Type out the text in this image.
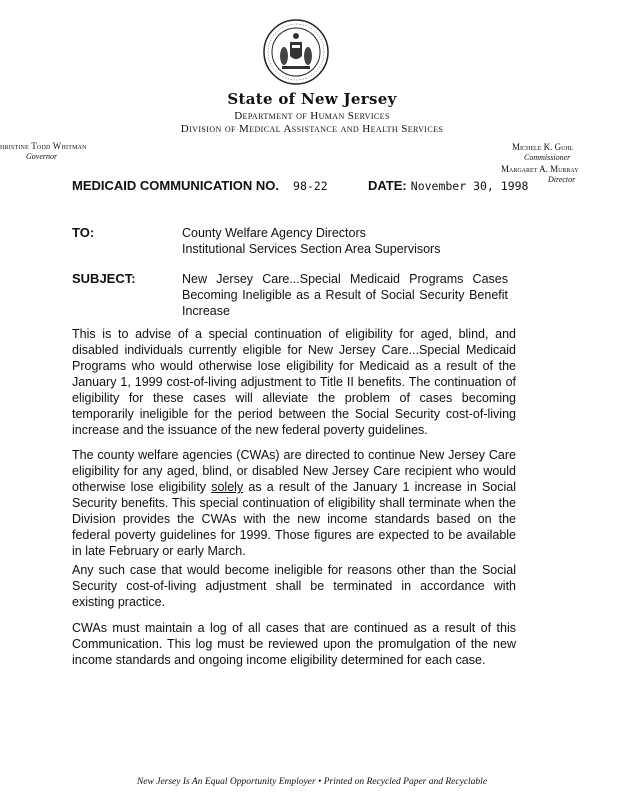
State of New Jersey
Department of Human Services
Division of Medical Assistance and Health Services
hristine Todd Whitman
Governor
Michele K. Guhl
Commissioner
Margaret A. Murray
Director
MEDICAID COMMUNICATION NO. 98-22	DATE: November 30, 1998
TO:	County Welfare Agency Directors
Institutional Services Section Area Supervisors
SUBJECT:	New Jersey Care...Special Medicaid Programs Cases Becoming Ineligible as a Result of Social Security Benefit Increase
This is to advise of a special continuation of eligibility for aged, blind, and disabled individuals currently eligible for New Jersey Care...Special Medicaid Programs who would otherwise lose eligibility for Medicaid as a result of the January 1, 1999 cost-of-living adjustment to Title II benefits. The continuation of eligibility for these cases will alleviate the problem of cases becoming temporarily ineligible for the period between the Social Security cost-of-living increase and the issuance of the new federal poverty guidelines.
The county welfare agencies (CWAs) are directed to continue New Jersey Care eligibility for any aged, blind, or disabled New Jersey Care recipient who would otherwise lose eligibility solely as a result of the January 1 increase in Social Security benefits. This special continuation of eligibility shall terminate when the Division provides the CWAs with the new income standards based on the federal poverty guidelines for 1999. Those figures are expected to be available in late February or early March.
Any such case that would become ineligible for reasons other than the Social Security cost-of-living adjustment shall be terminated in accordance with existing practice.
CWAs must maintain a log of all cases that are continued as a result of this Communication. This log must be reviewed upon the promulgation of the new income standards and ongoing income eligibility determined for each case.
New Jersey Is An Equal Opportunity Employer • Printed on Recycled Paper and Recyclable
